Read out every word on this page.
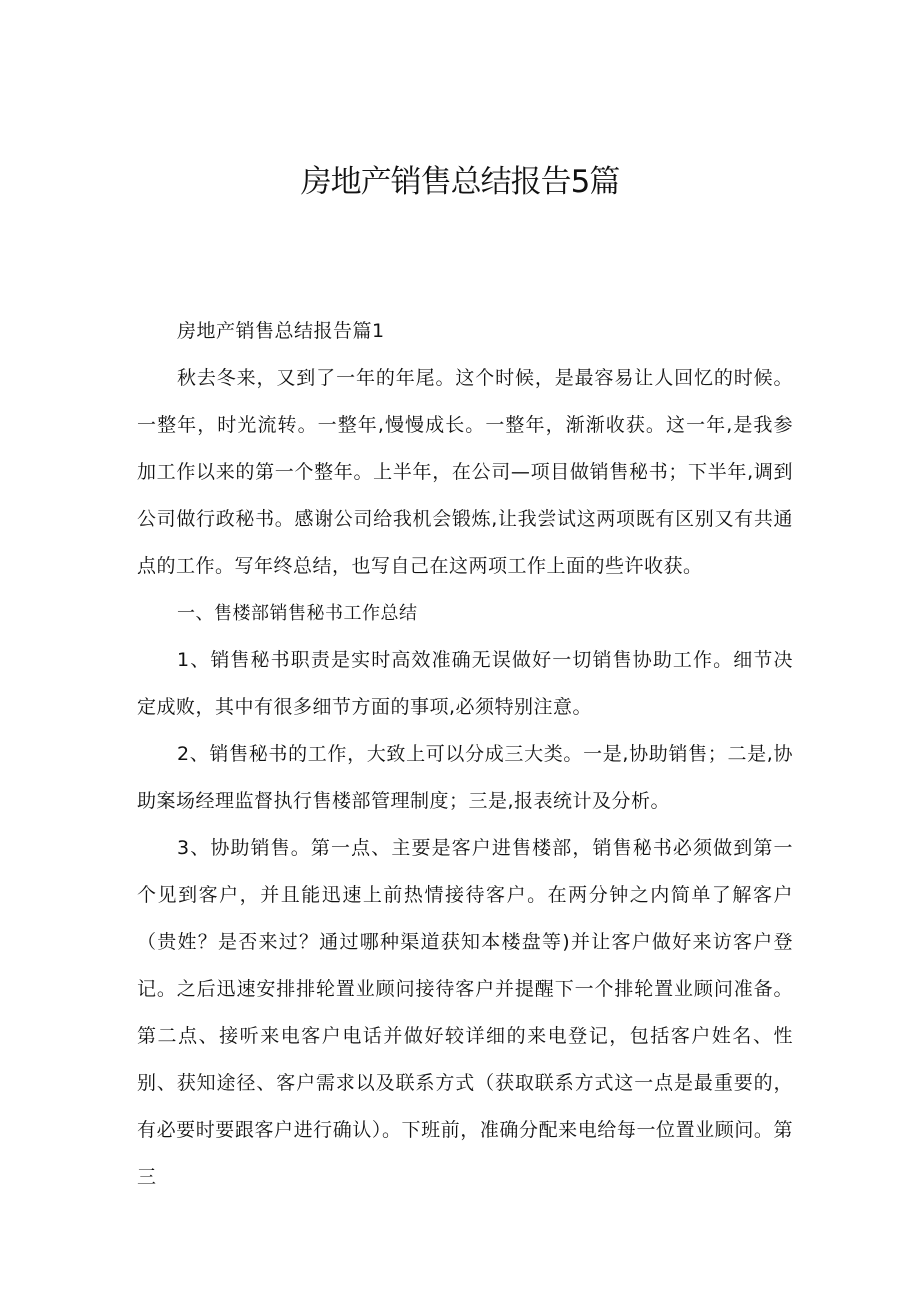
房地产销售总结报告5篇

房地产销售总结报告篇1

秋去冬来，又到了一年的年尾。这个时候，是最容易让人回忆的时候。一整年，时光流转。一整年,慢慢成长。一整年，渐渐收获。这一年,是我参加工作以来的第一个整年。上半年，在公司—项目做销售秘书；下半年,调到公司做行政秘书。感谢公司给我机会锻炼,让我尝试这两项既有区别又有共通点的工作。写年终总结，也写自己在这两项工作上面的些许收获。

一、售楼部销售秘书工作总结

1、销售秘书职责是实时高效准确无误做好一切销售协助工作。细节决定成败，其中有很多细节方面的事项,必须特别注意。

2、销售秘书的工作，大致上可以分成三大类。一是,协助销售；二是,协助案场经理监督执行售楼部管理制度；三是,报表统计及分析。

3、协助销售。第一点、主要是客户进售楼部，销售秘书必须做到第一个见到客户，并且能迅速上前热情接待客户。在两分钟之内简单了解客户（贵姓？是否来过？通过哪种渠道获知本楼盘等)并让客户做好来访客户登记。之后迅速安排排轮置业顾问接待客户并提醒下一个排轮置业顾问准备。第二点、接听来电客户电话并做好较详细的来电登记，包括客户姓名、性别、获知途径、客户需求以及联系方式（获取联系方式这一点是最重要的，有必要时要跟客户进行确认）。下班前，准确分配来电给每一位置业顾问。第三
